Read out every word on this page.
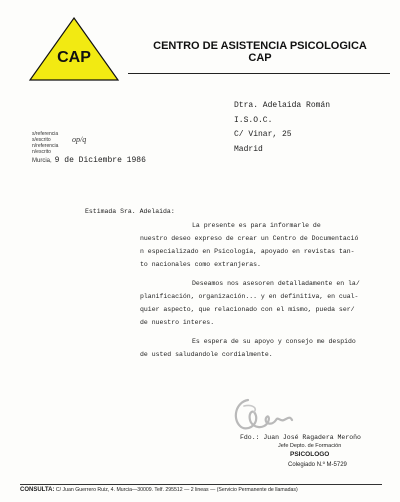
CAP
CENTRO DE ASISTENCIA PSICOLOGICA
CAP
Dtra. Adelaida Román
I.S.O.C.
C/ Vinar, 25
Madrid
s/referencia
s/escrito
n/referencia
n/escrito
op/q
Murcia, 9 de Diciembre 1986
Estimada Sra. Adelaida:
La presente es para informarle de
nuestro deseo expreso de crear un Centro de Documentació
n especializado en Psicología, apoyado en revistas tan-
to nacionales como extranjeras.
Deseamos nos asesoren detalladamente en la/
planificación, organización... y en definitiva, en cual-
quier aspecto, que relacionado con el mismo, pueda ser/
de nuestro interes.
Es espera de su apoyo y consejo me despido
de usted saludandole cordialmente.
Fdo.: Juan José Ragadera Meroño
Jefe Depto. de Formación
PSICOLOGO
Colegiado N.º M-5729
CONSULTA: C/ Juan Guerrero Ruiz, 4. Murcia—30009. Telf. 295512 — 2 lineas — (Servicio Permanente de llamadas)
